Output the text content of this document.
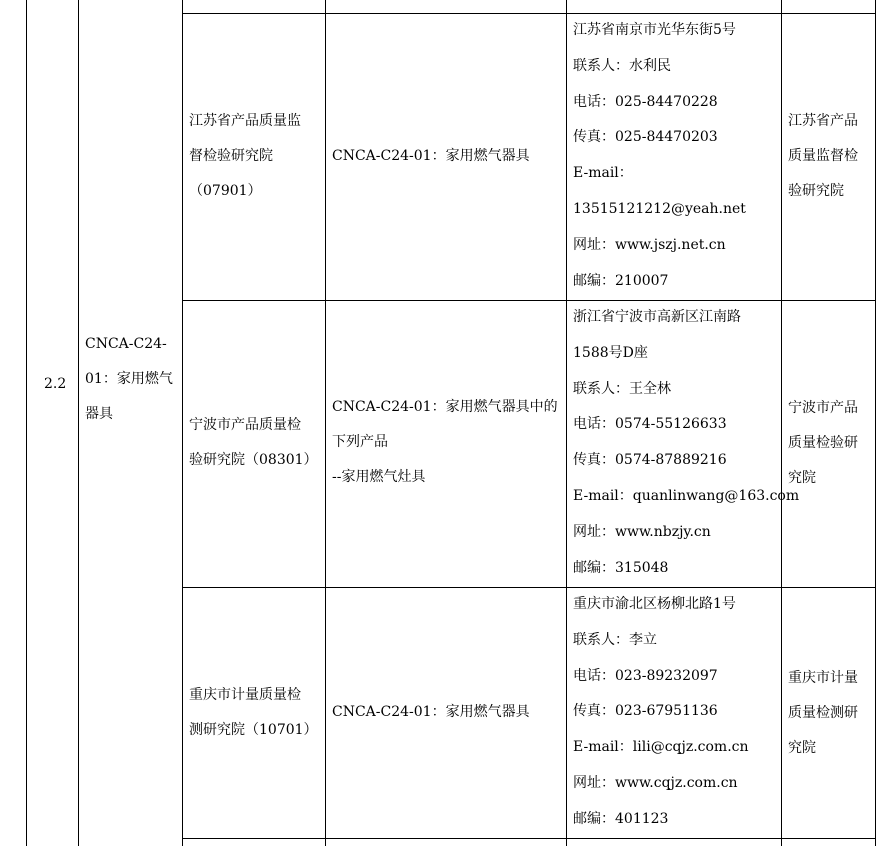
2.2
CNCA-C24-
01：家用燃气
器具
江苏省产品质量监
督检验研究院
（07901）
CNCA-C24-01：家用燃气器具
江苏省南京市光华东街5号
联系人：水利民
电话：025-84470228
传真：025-84470203
E-mail：
13515121212@yeah.net
网址：www.jszj.net.cn
邮编：210007
江苏省产品
质量监督检
验研究院
宁波市产品质量检
验研究院（08301）
CNCA-C24-01：家用燃气器具中的
下列产品
--家用燃气灶具
浙江省宁波市高新区江南路
1588号D座
联系人：王全林
电话：0574-55126633
传真：0574-87889216
E-mail：quanlinwang@163.com
网址：www.nbzjy.cn
邮编：315048
宁波市产品
质量检验研
究院
重庆市计量质量检
测研究院（10701）
CNCA-C24-01：家用燃气器具
重庆市渝北区杨柳北路1号
联系人：李立
电话：023-89232097
传真：023-67951136
E-mail：lili@cqjz.com.cn
网址：www.cqjz.com.cn
邮编：401123
重庆市计量
质量检测研
究院
